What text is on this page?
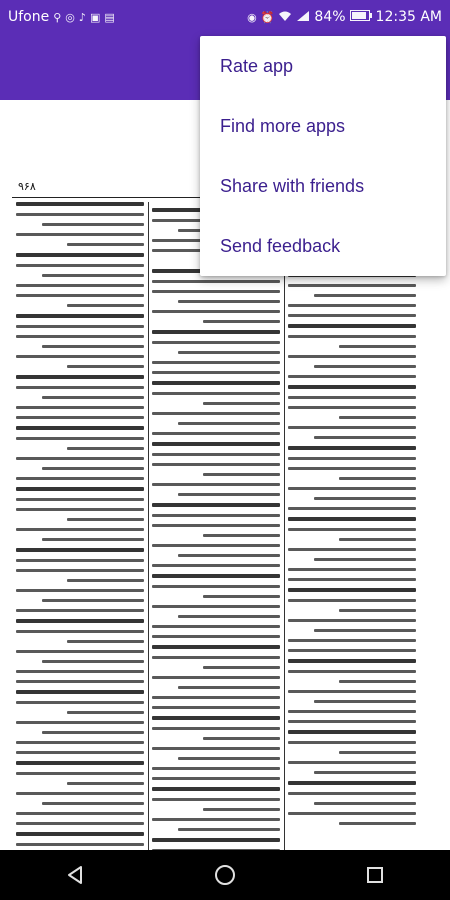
Ufone ⚲ ◎ ♪ ▣ ▤	◉ ⏰	84% 12:35 AM
۹۶۸
Rate app
Find more apps
Share with friends
Send feedback
